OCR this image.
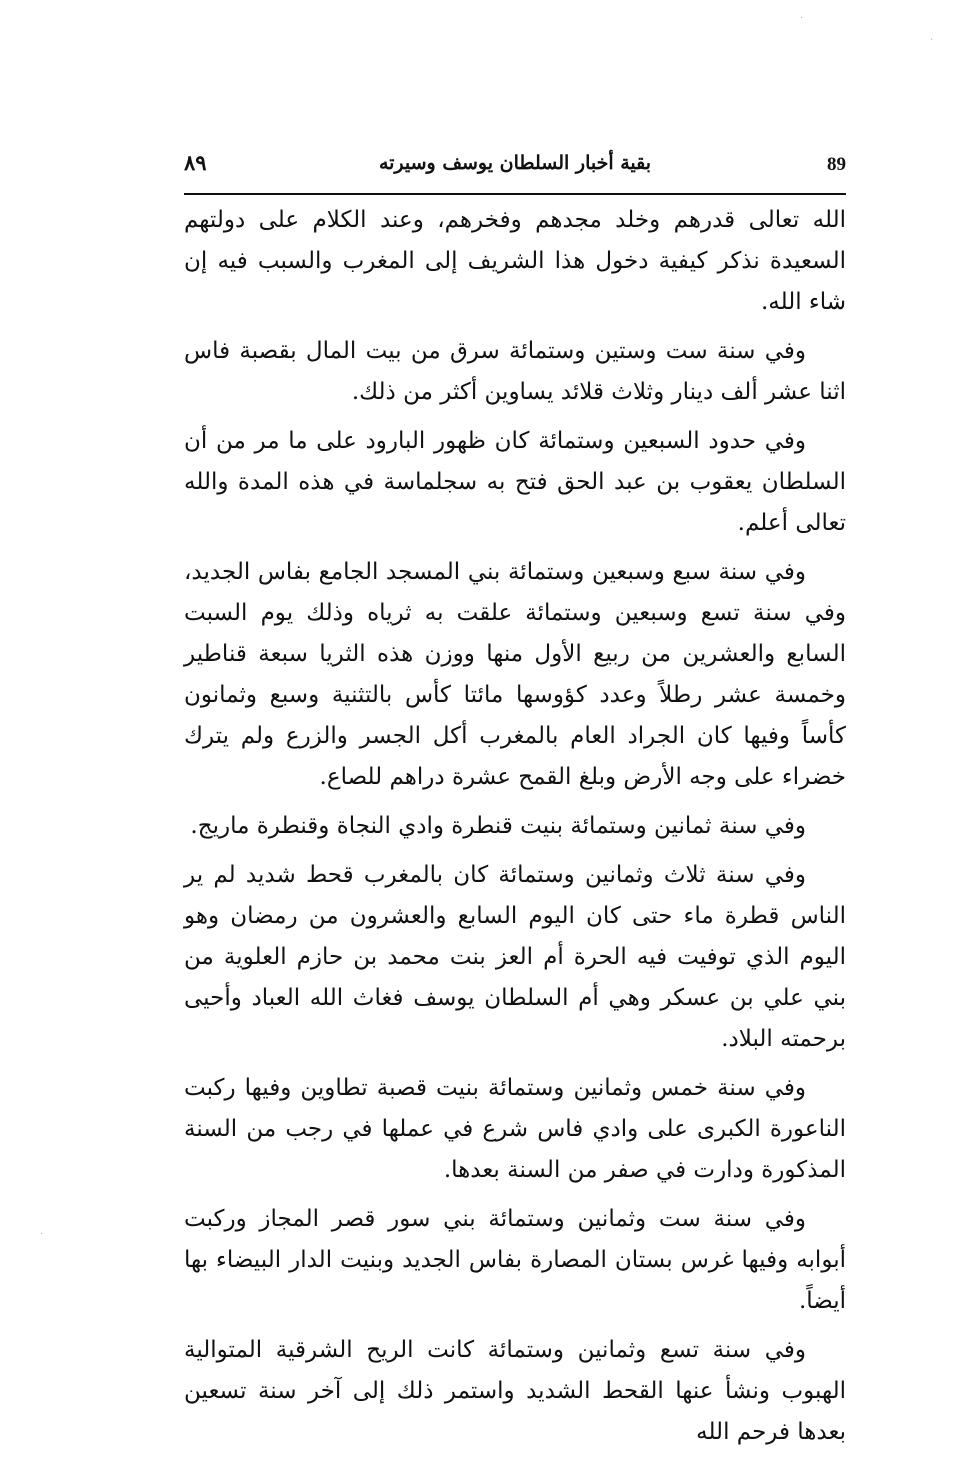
89
بقية أخبار السلطان يوسف وسيرته
٨٩

الله تعالى قدرهم وخلد مجدهم وفخرهم، وعند الكلام على دولتهم السعيدة نذكر كيفية دخول هذا الشريف إلى المغرب والسبب فيه إن شاء الله.

وفي سنة ست وستين وستمائة سرق من بيت المال بقصبة فاس اثنا عشر ألف دينار وثلاث قلائد يساوين أكثر من ذلك.

وفي حدود السبعين وستمائة كان ظهور البارود على ما مر من أن السلطان يعقوب بن عبد الحق فتح به سجلماسة في هذه المدة والله تعالى أعلم.

وفي سنة سبع وسبعين وستمائة بني المسجد الجامع بفاس الجديد، وفي سنة تسع وسبعين وستمائة علقت به ثرياه وذلك يوم السبت السابع والعشرين من ربيع الأول منها ووزن هذه الثريا سبعة قناطير وخمسة عشر رطلاً وعدد كؤوسها مائتا كأس بالتثنية وسبع وثمانون كأساً وفيها كان الجراد العام بالمغرب أكل الجسر والزرع ولم يترك خضراء على وجه الأرض وبلغ القمح عشرة دراهم للصاع.

وفي سنة ثمانين وستمائة بنيت قنطرة وادي النجاة وقنطرة ماريج.

وفي سنة ثلاث وثمانين وستمائة كان بالمغرب قحط شديد لم ير الناس قطرة ماء حتى كان اليوم السابع والعشرون من رمضان وهو اليوم الذي توفيت فيه الحرة أم العز بنت محمد بن حازم العلوية من بني علي بن عسكر وهي أم السلطان يوسف فغاث الله العباد وأحيى برحمته البلاد.

وفي سنة خمس وثمانين وستمائة بنيت قصبة تطاوين وفيها ركبت الناعورة الكبرى على وادي فاس شرع في عملها في رجب من السنة المذكورة ودارت في صفر من السنة بعدها.

وفي سنة ست وثمانين وستمائة بني سور قصر المجاز وركبت أبوابه وفيها غرس بستان المصارة بفاس الجديد وبنيت الدار البيضاء بها أيضاً.

وفي سنة تسع وثمانين وستمائة كانت الريح الشرقية المتوالية الهبوب ونشأ عنها القحط الشديد واستمر ذلك إلى آخر سنة تسعين بعدها فرحم الله

·
·
·
